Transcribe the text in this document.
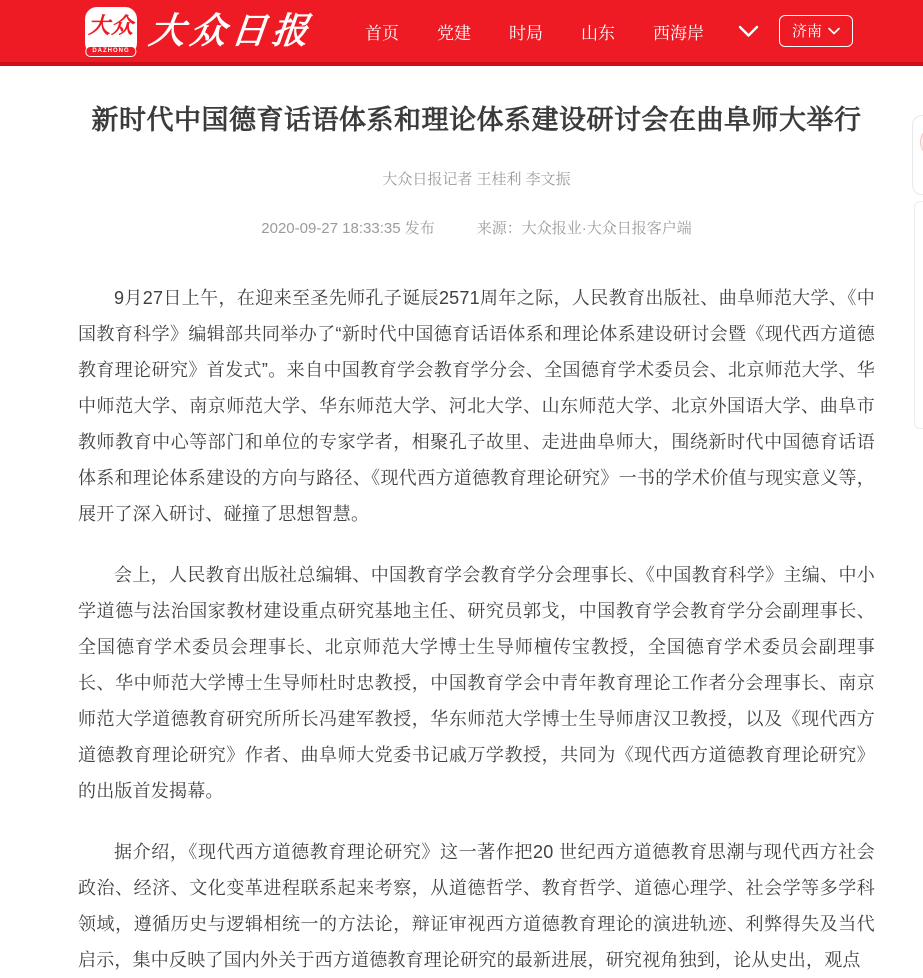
大众
DAZHONG 大众日报	首页 党建 时局 山东 西海岸	济南
新时代中国德育话语体系和理论体系建设研讨会在曲阜师大举行
大众日报记者 王桂利 李文振
2020-09-27 18:33:35 发布	来源：大众报业·大众日报客户端

9月27日上午，在迎来至圣先师孔子诞辰2571周年之际，人民教育出版社、曲阜师范大学、《中国教育科学》编辑部共同举办了“新时代中国德育话语体系和理论体系建设研讨会暨《现代西方道德教育理论研究》首发式”。来自中国教育学会教育学分会、全国德育学术委员会、北京师范大学、华中师范大学、南京师范大学、华东师范大学、河北大学、山东师范大学、北京外国语大学、曲阜市教师教育中心等部门和单位的专家学者，相聚孔子故里、走进曲阜师大，围绕新时代中国德育话语体系和理论体系建设的方向与路径、《现代西方道德教育理论研究》一书的学术价值与现实意义等，展开了深入研讨、碰撞了思想智慧。

会上，人民教育出版社总编辑、中国教育学会教育学分会理事长、《中国教育科学》主编、中小学道德与法治国家教材建设重点研究基地主任、研究员郭戈，中国教育学会教育学分会副理事长、全国德育学术委员会理事长、北京师范大学博士生导师檀传宝教授，全国德育学术委员会副理事长、华中师范大学博士生导师杜时忠教授，中国教育学会中青年教育理论工作者分会理事长、南京师范大学道德教育研究所所长冯建军教授，华东师范大学博士生导师唐汉卫教授，以及《现代西方道德教育理论研究》作者、曲阜师大党委书记戚万学教授，共同为《现代西方道德教育理论研究》的出版首发揭幕。

据介绍，《现代西方道德教育理论研究》这一著作把20 世纪西方道德教育思潮与现代西方社会政治、经济、文化变革进程联系起来考察，从道德哲学、教育哲学、道德心理学、社会学等多学科领域，遵循历史与逻辑相统一的方法论，辩证审视西方道德教育理论的演进轨迹、利弊得失及当代启示，集中反映了国内外关于西方道德教育理论研究的最新进展，研究视角独到，论从史出，观点
